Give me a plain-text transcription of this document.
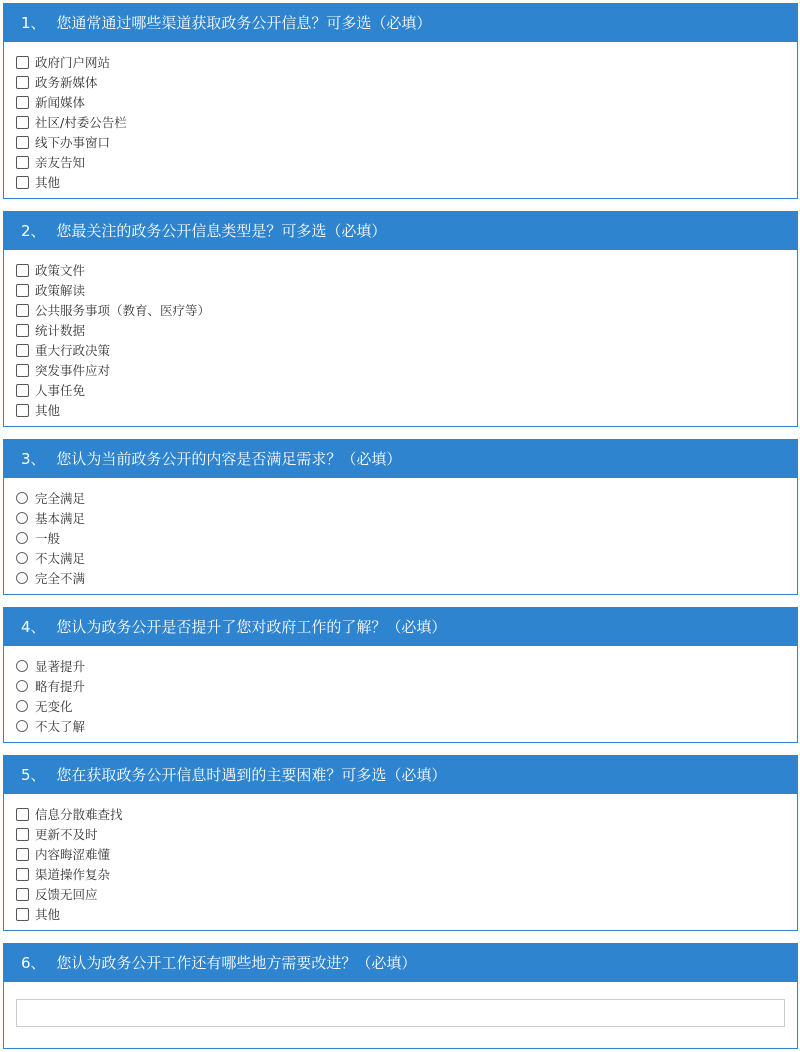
1、 您通常通过哪些渠道获取政务公开信息？可多选（必填）
政府门户网站
政务新媒体
新闻媒体
社区/村委公告栏
线下办事窗口
亲友告知
其他
2、 您最关注的政务公开信息类型是？可多选（必填）
政策文件
政策解读
公共服务事项（教育、医疗等）
统计数据
重大行政决策
突发事件应对
人事任免
其他
3、 您认为当前政务公开的内容是否满足需求？（必填）
完全满足
基本满足
一般
不太满足
完全不满
4、 您认为政务公开是否提升了您对政府工作的了解？（必填）
显著提升
略有提升
无变化
不太了解
5、 您在获取政务公开信息时遇到的主要困难？可多选（必填）
信息分散难查找
更新不及时
内容晦涩难懂
渠道操作复杂
反馈无回应
其他
6、 您认为政务公开工作还有哪些地方需要改进？（必填）
